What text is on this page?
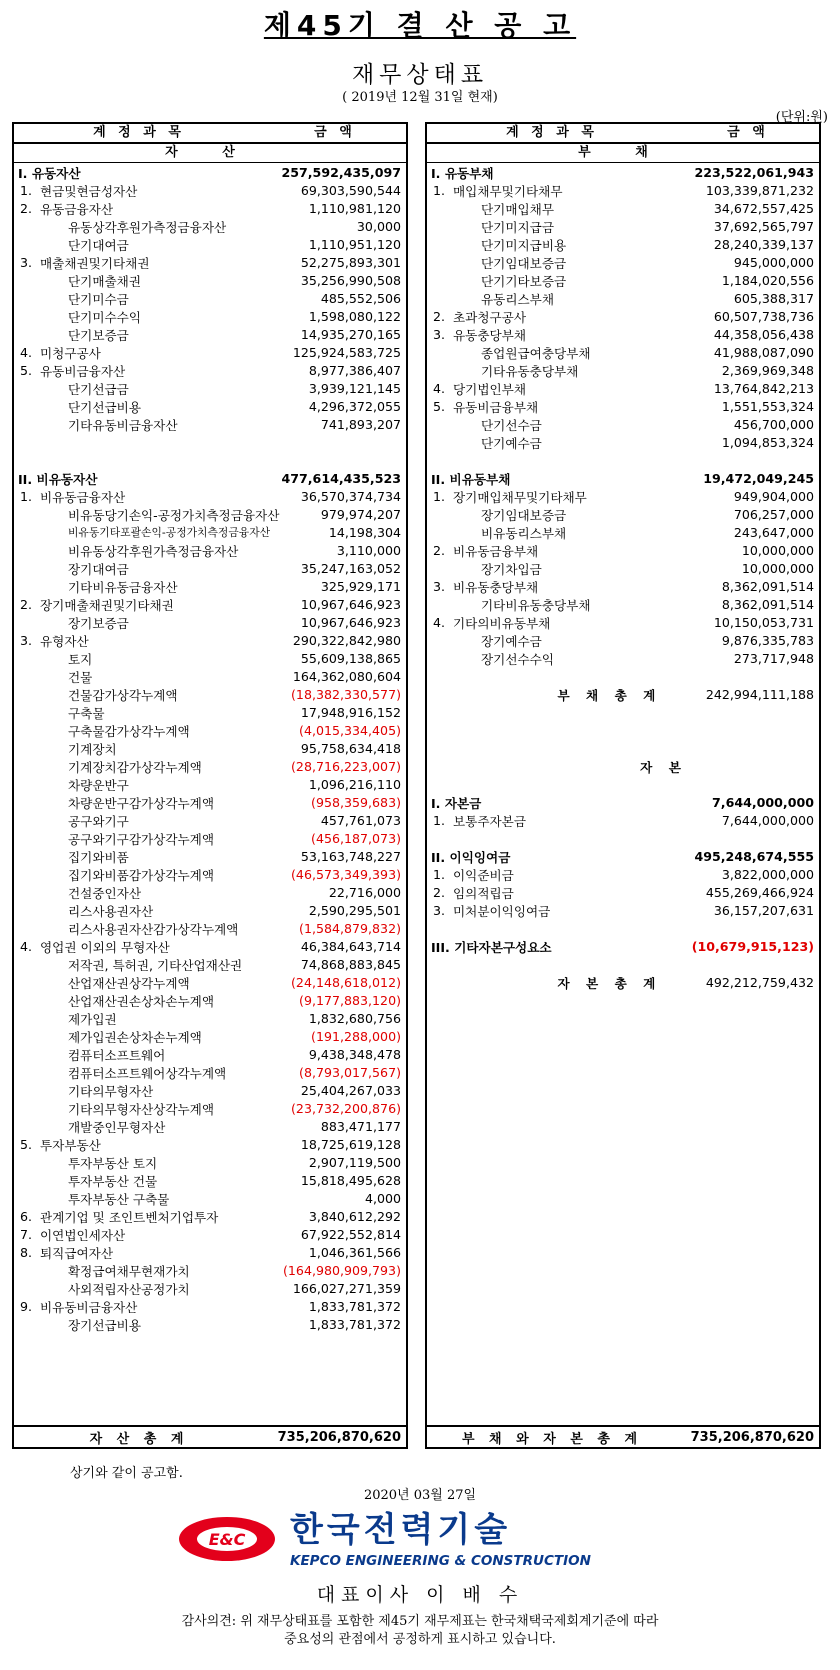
제45기 결 산 공 고
재무상태표
( 2019년 12월 31일 현재)
(단위:원)
계 정 과 목	금 액
자 산
I. 유동자산	257,592,435,097
1. 현금및현금성자산	69,303,590,544
2. 유동금융자산	1,110,981,120
유동상각후원가측정금융자산	30,000
단기대여금	1,110,951,120
3. 매출채권및기타채권	52,275,893,301
단기매출채권	35,256,990,508
단기미수금	485,552,506
단기미수수익	1,598,080,122
단기보증금	14,935,270,165
4. 미청구공사	125,924,583,725
5. 유동비금융자산	8,977,386,407
단기선급금	3,939,121,145
단기선급비용	4,296,372,055
기타유동비금융자산	741,893,207
II. 비유동자산	477,614,435,523
1. 비유동금융자산	36,570,374,734
비유동당기손익-공정가치측정금융자산	979,974,207
비유동기타포괄손익-공정가치측정금융자산	14,198,304
비유동상각후원가측정금융자산	3,110,000
장기대여금	35,247,163,052
기타비유동금융자산	325,929,171
2. 장기매출채권및기타채권	10,967,646,923
장기보증금	10,967,646,923
3. 유형자산	290,322,842,980
토지	55,609,138,865
건물	164,362,080,604
건물감가상각누계액	(18,382,330,577)
구축물	17,948,916,152
구축물감가상각누계액	(4,015,334,405)
기계장치	95,758,634,418
기계장치감가상각누계액	(28,716,223,007)
차량운반구	1,096,216,110
차량운반구감가상각누계액	(958,359,683)
공구와기구	457,761,073
공구와기구감가상각누계액	(456,187,073)
집기와비품	53,163,748,227
집기와비품감가상각누계액	(46,573,349,393)
건설중인자산	22,716,000
리스사용권자산	2,590,295,501
리스사용권자산감가상각누계액	(1,584,879,832)
4. 영업권 이외의 무형자산	46,384,643,714
저작권, 특허권, 기타산업재산권	74,868,883,845
산업재산권상각누계액	(24,148,618,012)
산업재산권손상차손누계액	(9,177,883,120)
제가입권	1,832,680,756
제가입권손상차손누계액	(191,288,000)
컴퓨터소프트웨어	9,438,348,478
컴퓨터소프트웨어상각누계액	(8,793,017,567)
기타의무형자산	25,404,267,033
기타의무형자산상각누계액	(23,732,200,876)
개발중인무형자산	883,471,177
5. 투자부동산	18,725,619,128
투자부동산 토지	2,907,119,500
투자부동산 건물	15,818,495,628
투자부동산 구축물	4,000
6. 관계기업 및 조인트벤처기업투자	3,840,612,292
7. 이연법인세자산	67,922,552,814
8. 퇴직급여자산	1,046,361,566
확정급여채무현재가치	(164,980,909,793)
사외적립자산공정가치	166,027,271,359
9. 비유동비금융자산	1,833,781,372
장기선급비용	1,833,781,372
자 산 총 계	735,206,870,620
계 정 과 목	금 액
부 채
I. 유동부채	223,522,061,943
1. 매입채무및기타채무	103,339,871,232
단기매입채무	34,672,557,425
단기미지급금	37,692,565,797
단기미지급비용	28,240,339,137
단기임대보증금	945,000,000
단기기타보증금	1,184,020,556
유동리스부채	605,388,317
2. 초과청구공사	60,507,738,736
3. 유동충당부채	44,358,056,438
종업원급여충당부채	41,988,087,090
기타유동충당부채	2,369,969,348
4. 당기법인부채	13,764,842,213
5. 유동비금융부채	1,551,553,324
단기선수금	456,700,000
단기예수금	1,094,853,324
II. 비유동부채	19,472,049,245
1. 장기매입채무및기타채무	949,904,000
장기임대보증금	706,257,000
비유동리스부채	243,647,000
2. 비유동금융부채	10,000,000
장기차입금	10,000,000
3. 비유동충당부채	8,362,091,514
기타비유동충당부채	8,362,091,514
4. 기타의비유동부채	10,150,053,731
장기예수금	9,876,335,783
장기선수수익	273,717,948
부 채 총 계	242,994,111,188
자 본
I. 자본금	7,644,000,000
1. 보통주자본금	7,644,000,000
II. 이익잉여금	495,248,674,555
1. 이익준비금	3,822,000,000
2. 임의적립금	455,269,466,924
3. 미처분이익잉여금	36,157,207,631
III. 기타자본구성요소	(10,679,915,123)
자 본 총 계	492,212,759,432
부 채 와 자 본 총 계	735,206,870,620
상기와 같이 공고함.
2020년 03월 27일
E&C 한국전력기술
KEPCO ENGINEERING & CONSTRUCTION
대표이사 이 배 수
감사의견: 위 재무상태표를 포함한 제45기 재무제표는 한국채택국제회계기준에 따라
중요성의 관점에서 공정하게 표시하고 있습니다.
